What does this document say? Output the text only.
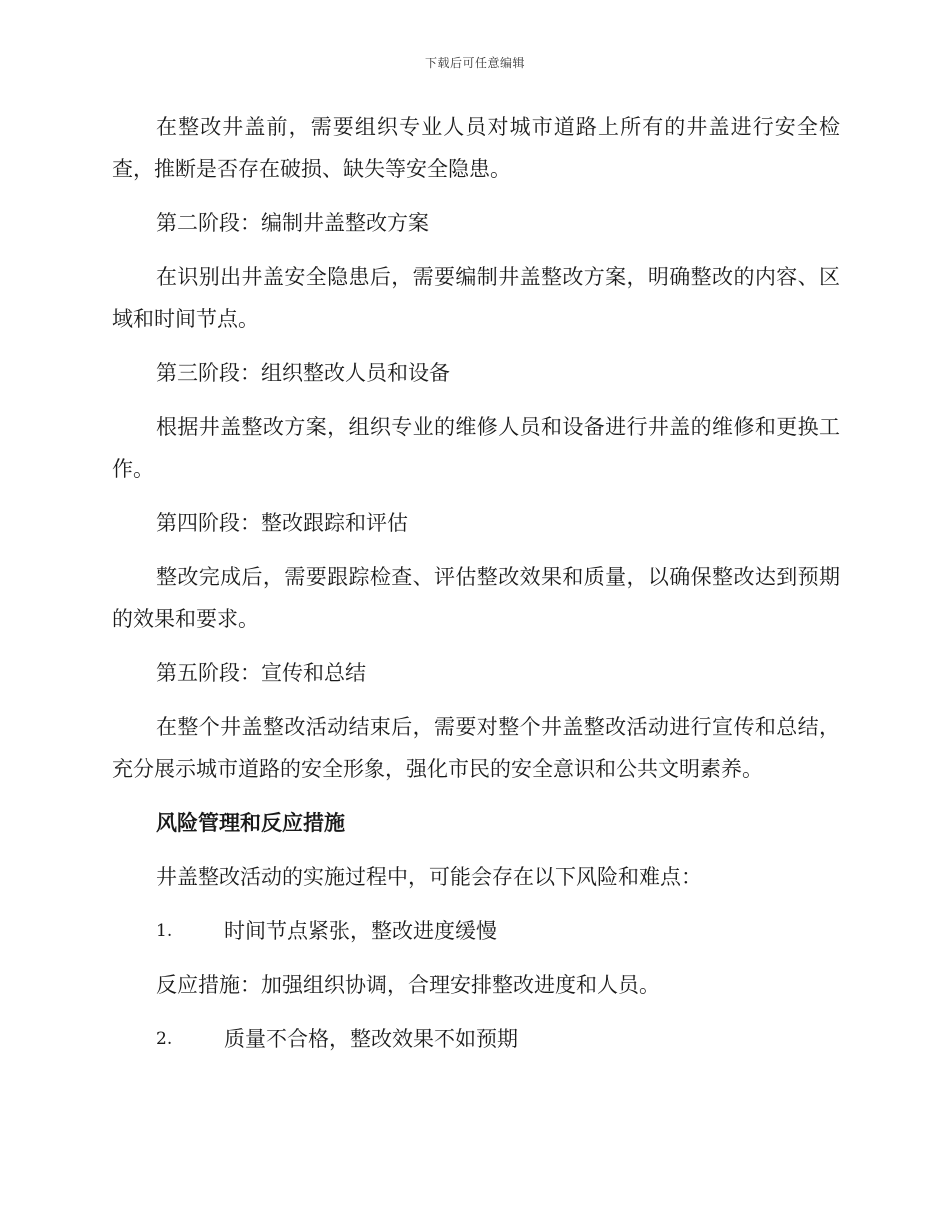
下载后可任意编辑

在整改井盖前，需要组织专业人员对城市道路上所有的井盖进行安全检查，推断是否存在破损、缺失等安全隐患。

第二阶段：编制井盖整改方案

在识别出井盖安全隐患后，需要编制井盖整改方案，明确整改的内容、区域和时间节点。

第三阶段：组织整改人员和设备

根据井盖整改方案，组织专业的维修人员和设备进行井盖的维修和更换工作。

第四阶段：整改跟踪和评估

整改完成后，需要跟踪检查、评估整改效果和质量，以确保整改达到预期的效果和要求。

第五阶段：宣传和总结

在整个井盖整改活动结束后，需要对整个井盖整改活动进行宣传和总结，充分展示城市道路的安全形象，强化市民的安全意识和公共文明素养。

风险管理和反应措施

井盖整改活动的实施过程中，可能会存在以下风险和难点：

1.	时间节点紧张，整改进度缓慢

反应措施：加强组织协调，合理安排整改进度和人员。

2.	质量不合格，整改效果不如预期
